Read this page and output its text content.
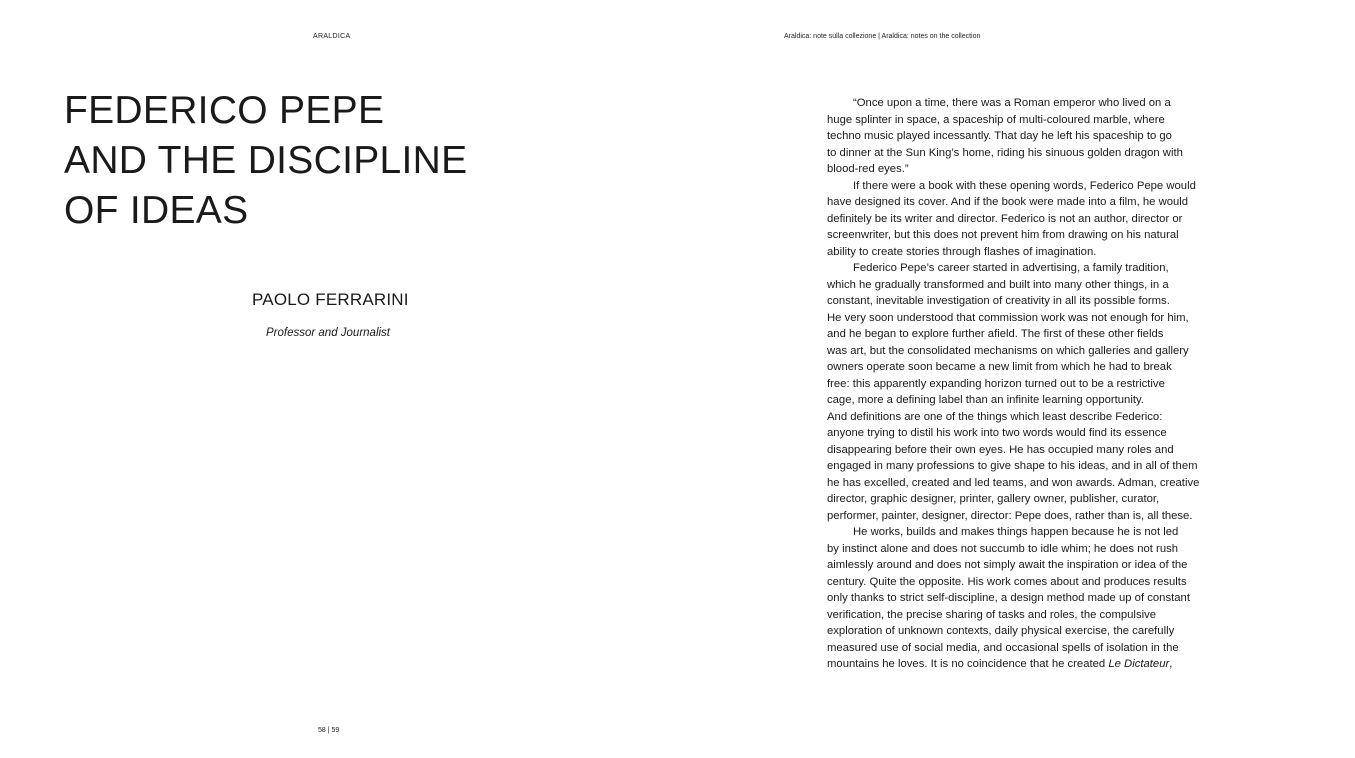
ARALDICA	Araldica: note sulla collezione | Araldica: notes on the collection
FEDERICO PEPE
AND THE DISCIPLINE
OF IDEAS
PAOLO FERRARINI
Professor and Journalist
58 | 59
“Once upon a time, there was a Roman emperor who lived on a
huge splinter in space, a spaceship of multi-coloured marble, where
techno music played incessantly. That day he left his spaceship to go
to dinner at the Sun King’s home, riding his sinuous golden dragon with
blood-red eyes.”
If there were a book with these opening words, Federico Pepe would
have designed its cover. And if the book were made into a film, he would
definitely be its writer and director. Federico is not an author, director or
screenwriter, but this does not prevent him from drawing on his natural
ability to create stories through flashes of imagination.
Federico Pepe’s career started in advertising, a family tradition,
which he gradually transformed and built into many other things, in a
constant, inevitable investigation of creativity in all its possible forms.
He very soon understood that commission work was not enough for him,
and he began to explore further afield. The first of these other fields
was art, but the consolidated mechanisms on which galleries and gallery
owners operate soon became a new limit from which he had to break
free: this apparently expanding horizon turned out to be a restrictive
cage, more a defining label than an infinite learning opportunity.
And definitions are one of the things which least describe Federico:
anyone trying to distil his work into two words would find its essence
disappearing before their own eyes. He has occupied many roles and
engaged in many professions to give shape to his ideas, and in all of them
he has excelled, created and led teams, and won awards. Adman, creative
director, graphic designer, printer, gallery owner, publisher, curator,
performer, painter, designer, director: Pepe does, rather than is, all these.
He works, builds and makes things happen because he is not led
by instinct alone and does not succumb to idle whim; he does not rush
aimlessly around and does not simply await the inspiration or idea of the
century. Quite the opposite. His work comes about and produces results
only thanks to strict self-discipline, a design method made up of constant
verification, the precise sharing of tasks and roles, the compulsive
exploration of unknown contexts, daily physical exercise, the carefully
measured use of social media, and occasional spells of isolation in the
mountains he loves. It is no coincidence that he created Le Dictateur,
